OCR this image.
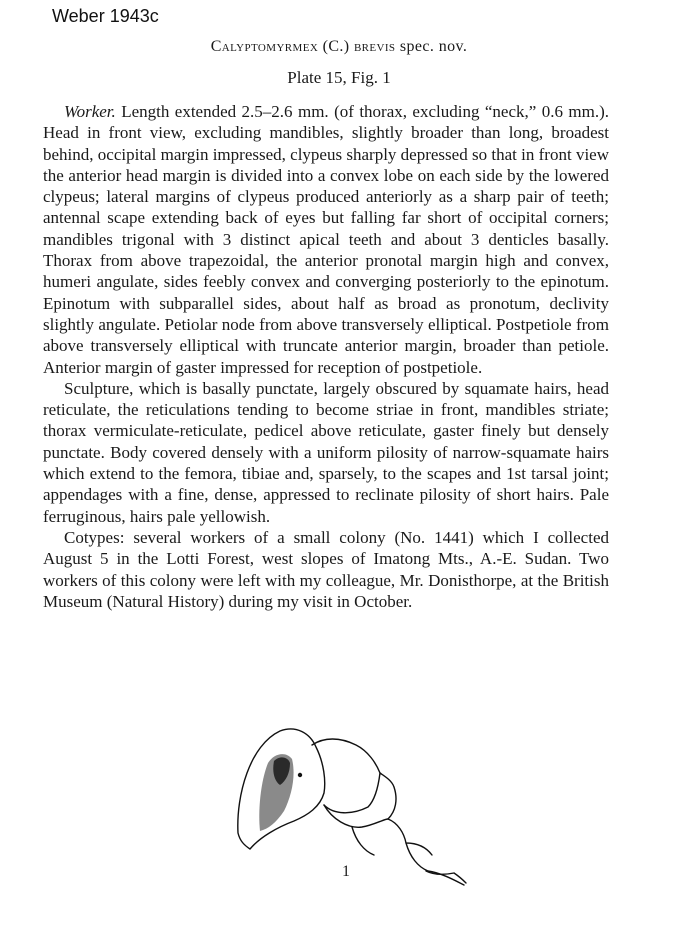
Weber 1943c
Calyptomyrmex (C.) brevis spec. nov.
Plate 15, Fig. 1

Worker. Length extended 2.5–2.6 mm. (of thorax, excluding “neck,” 0.6 mm.). Head in front view, excluding mandibles, slightly broader than long, broadest behind, occipital margin impressed, clypeus sharply depressed so that in front view the anterior head margin is divided into a convex lobe on each side by the lowered clypeus; lateral margins of clypeus produced anteriorly as a sharp pair of teeth; antennal scape extending back of eyes but falling far short of occipital corners; mandibles trigonal with 3 distinct apical teeth and about 3 denticles basally. Thorax from above trapezoidal, the anterior pronotal margin high and convex, humeri angulate, sides feebly convex and converging posteriorly to the epinotum. Epinotum with subparallel sides, about half as broad as pronotum, declivity slightly angulate. Petiolar node from above transversely elliptical. Postpetiole from above transversely elliptical with truncate anterior margin, broader than petiole. Anterior margin of gaster impressed for reception of postpetiole.

Sculpture, which is basally punctate, largely obscured by squamate hairs, head reticulate, the reticulations tending to become striae in front, mandibles striate; thorax vermiculate-reticulate, pedicel above reticulate, gaster finely but densely punctate. Body covered densely with a uniform pilosity of narrow-squamate hairs which extend to the femora, tibiae and, sparsely, to the scapes and 1st tarsal joint; appendages with a fine, dense, appressed to reclinate pilosity of short hairs. Pale ferruginous, hairs pale yellowish.

Cotypes: several workers of a small colony (No. 1441) which I collected August 5 in the Lotti Forest, west slopes of Imatong Mts., A.-E. Sudan. Two workers of this colony were left with my colleague, Mr. Donisthorpe, at the British Museum (Natural History) during my visit in October.

1
